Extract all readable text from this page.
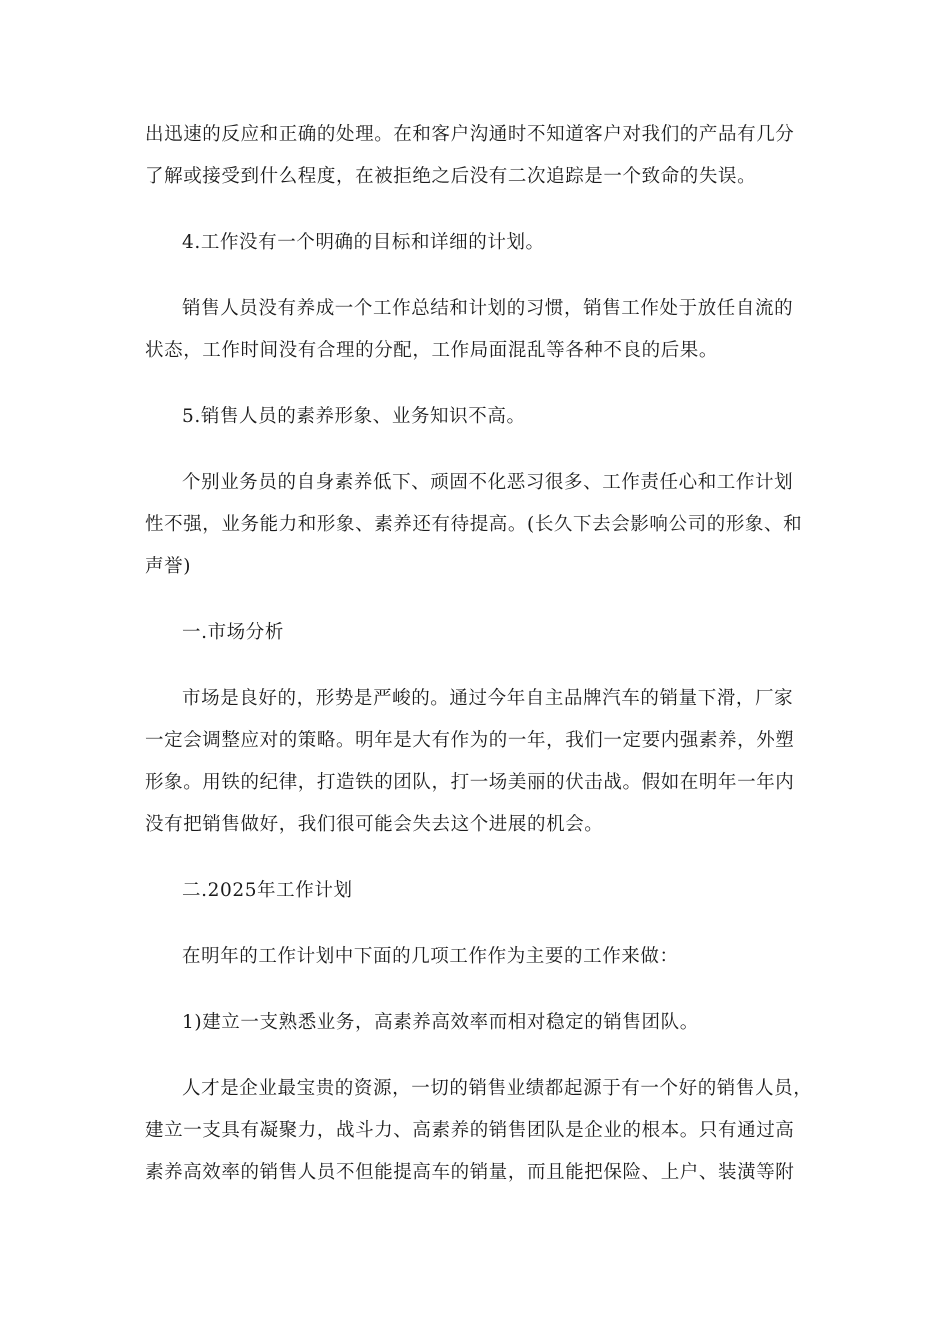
出迅速的反应和正确的处理。在和客户沟通时不知道客户对我们的产品有几分
了解或接受到什么程度，在被拒绝之后没有二次追踪是一个致命的失误。
4.工作没有一个明确的目标和详细的计划。
销售人员没有养成一个工作总结和计划的习惯，销售工作处于放任自流的
状态，工作时间没有合理的分配，工作局面混乱等各种不良的后果。
5.销售人员的素养形象、业务知识不高。
个别业务员的自身素养低下、顽固不化恶习很多、工作责任心和工作计划
性不强，业务能力和形象、素养还有待提高。(长久下去会影响公司的形象、和
声誉)
一.市场分析
市场是良好的，形势是严峻的。通过今年自主品牌汽车的销量下滑，厂家
一定会调整应对的策略。明年是大有作为的一年，我们一定要内强素养，外塑
形象。用铁的纪律，打造铁的团队，打一场美丽的伏击战。假如在明年一年内
没有把销售做好，我们很可能会失去这个进展的机会。
二.2025年工作计划
在明年的工作计划中下面的几项工作作为主要的工作来做：
1)建立一支熟悉业务，高素养高效率而相对稳定的销售团队。
人才是企业最宝贵的资源，一切的销售业绩都起源于有一个好的销售人员，
建立一支具有凝聚力，战斗力、高素养的销售团队是企业的根本。只有通过高
素养高效率的销售人员不但能提高车的销量，而且能把保险、上户、装潢等附
